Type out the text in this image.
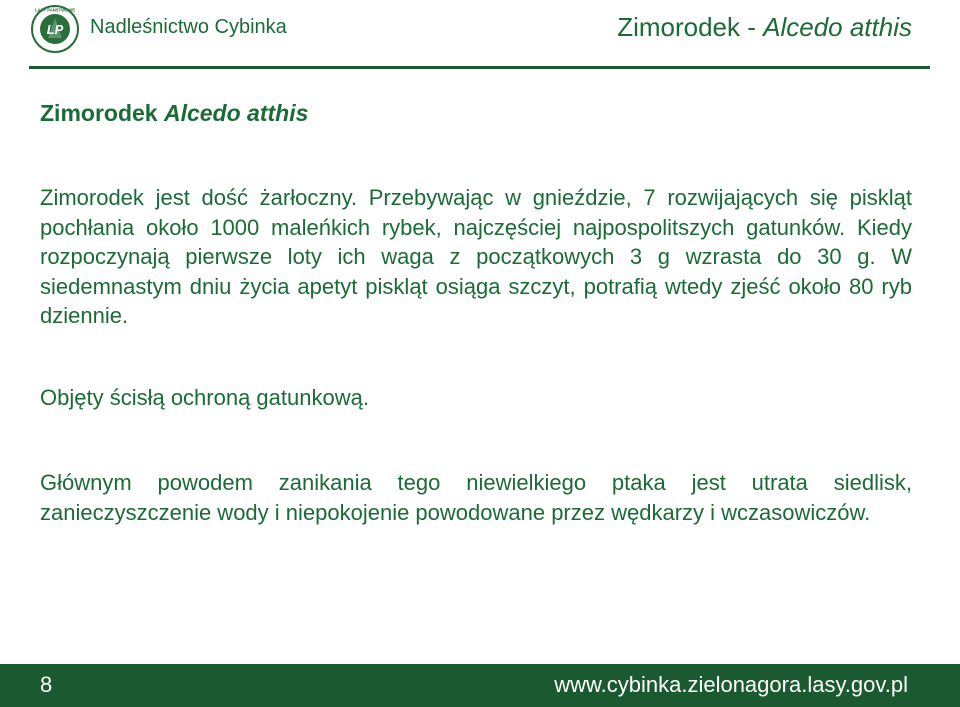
LP
LASY PAŃSTWOWE
Nadleśnictwo Cybinka	Zimorodek - Alcedo atthis
Zimorodek Alcedo atthis

Zimorodek jest dość żarłoczny. Przebywając w gnieździe, 7 rozwijających się piskląt pochłania około 1000 maleńkich rybek, najczęściej najpospolitszych gatunków. Kiedy rozpoczynają pierwsze loty ich waga z początkowych 3 g wzrasta do 30 g. W siedemnastym dniu życia apetyt piskląt osiąga szczyt, potrafią wtedy zjeść około 80 ryb dziennie.

Objęty ścisłą ochroną gatunkową.

Głównym powodem zanikania tego niewielkiego ptaka jest utrata siedlisk, zanieczyszczenie wody i niepokojenie powodowane przez wędkarzy i wczasowiczów.

8	www.cybinka.zielonagora.lasy.gov.pl
